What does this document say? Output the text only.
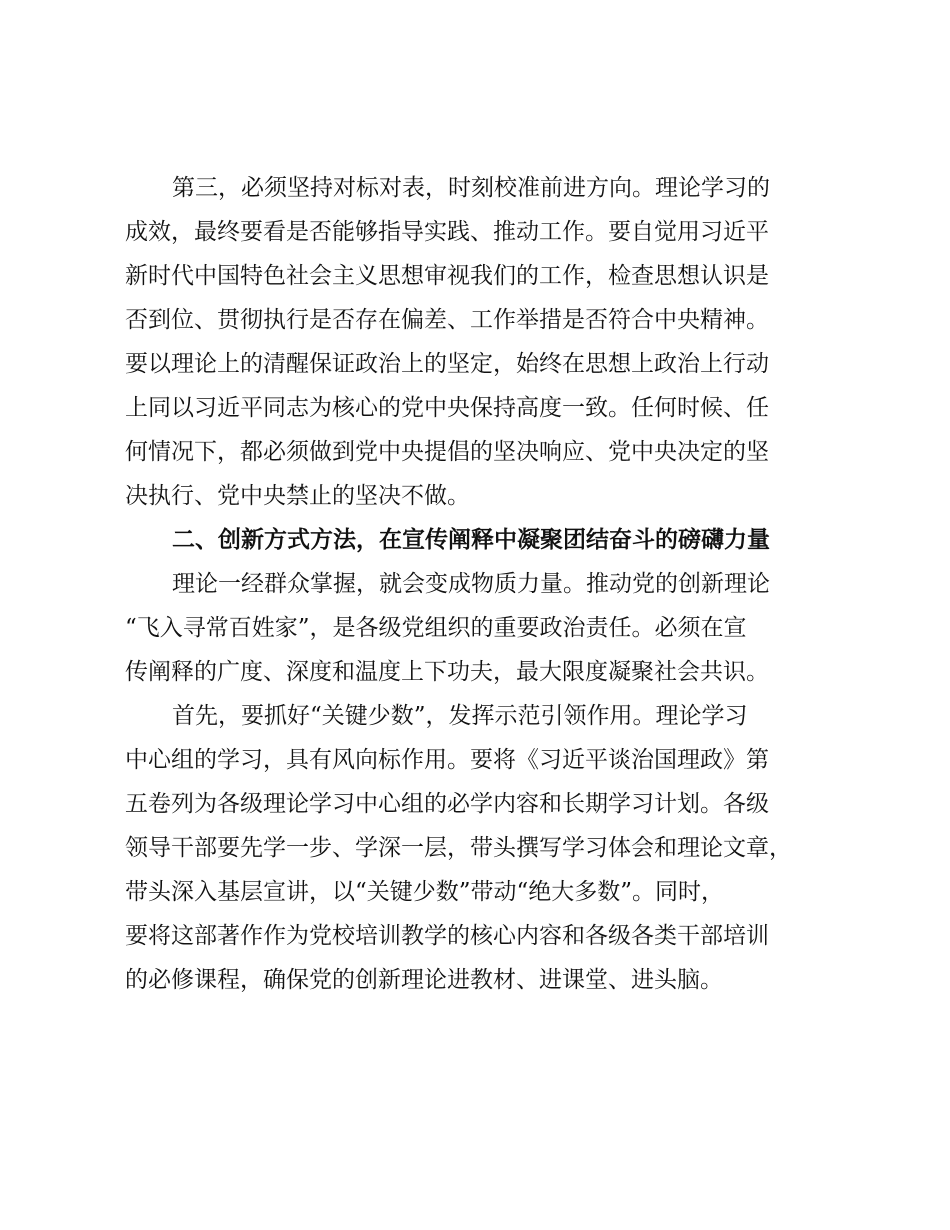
第三，必须坚持对标对表，时刻校准前进方向。理论学习的
成效，最终要看是否能够指导实践、推动工作。要自觉用习近平
新时代中国特色社会主义思想审视我们的工作，检查思想认识是
否到位、贯彻执行是否存在偏差、工作举措是否符合中央精神。
要以理论上的清醒保证政治上的坚定，始终在思想上政治上行动
上同以习近平同志为核心的党中央保持高度一致。任何时候、任
何情况下，都必须做到党中央提倡的坚决响应、党中央决定的坚
决执行、党中央禁止的坚决不做。
二、创新方式方法，在宣传阐释中凝聚团结奋斗的磅礴力量
理论一经群众掌握，就会变成物质力量。推动党的创新理论
“飞入寻常百姓家”，是各级党组织的重要政治责任。必须在宣
传阐释的广度、深度和温度上下功夫，最大限度凝聚社会共识。
首先，要抓好“关键少数”，发挥示范引领作用。理论学习
中心组的学习，具有风向标作用。要将《习近平谈治国理政》第
五卷列为各级理论学习中心组的必学内容和长期学习计划。各级
领导干部要先学一步、学深一层，带头撰写学习体会和理论文章，
带头深入基层宣讲，以“关键少数”带动“绝大多数”。同时，
要将这部著作作为党校培训教学的核心内容和各级各类干部培训
的必修课程，确保党的创新理论进教材、进课堂、进头脑。
